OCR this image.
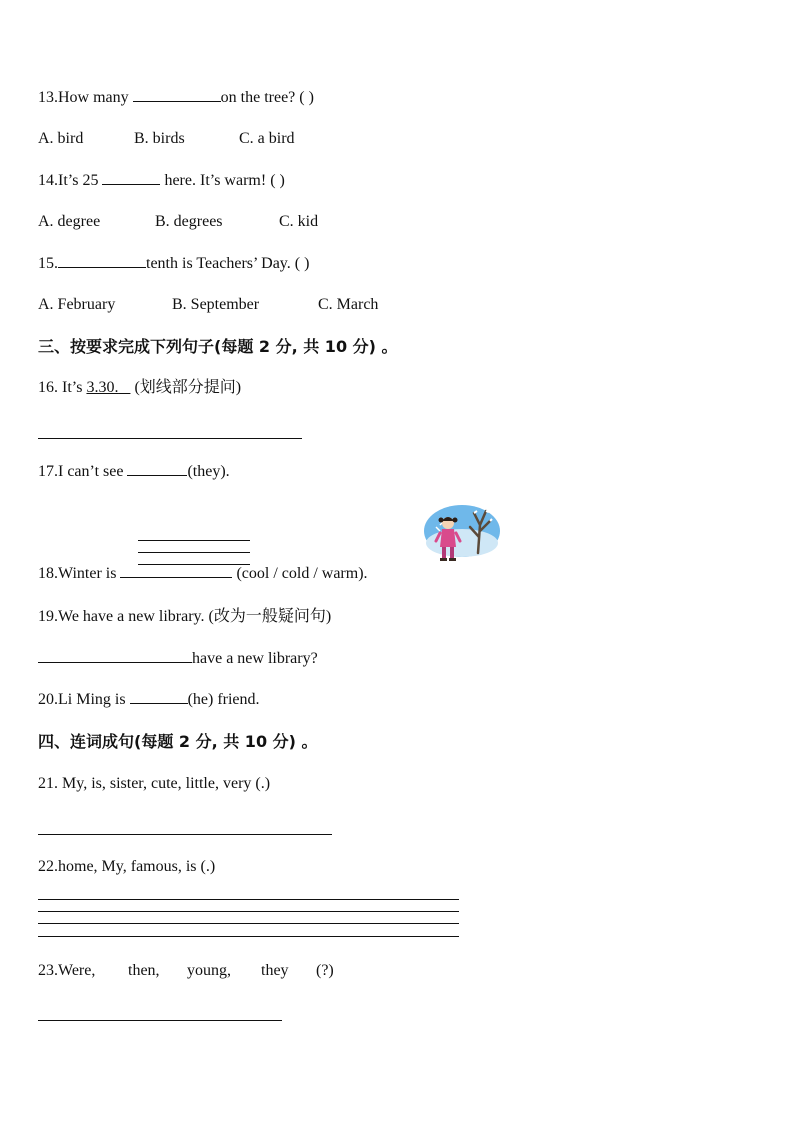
13.How many	on the tree? ( )
A. bird	B. birds	C. a bird
14.It’s 25	here. It’s warm! ( )
A. degree	B. degrees	C. kid
15.	tenth is Teachers’ Day. ( )
A. February	B. September	C. March
三、按要求完成下列句子(每题 2 分, 共 10 分) 。
16. It’s 3.30.    (划线部分提问)
17.I can’t see	(they).
18.Winter is	(cool / cold / warm).
19.We have a new library. (改为一般疑问句)
have a new library?
20.Li Ming is	(he) friend.
四、连词成句(每题 2 分, 共 10 分) 。
21. My, is, sister, cute, little, very (.)
22.home, My, famous, is (.)
23.Were, then, young, they (?)
